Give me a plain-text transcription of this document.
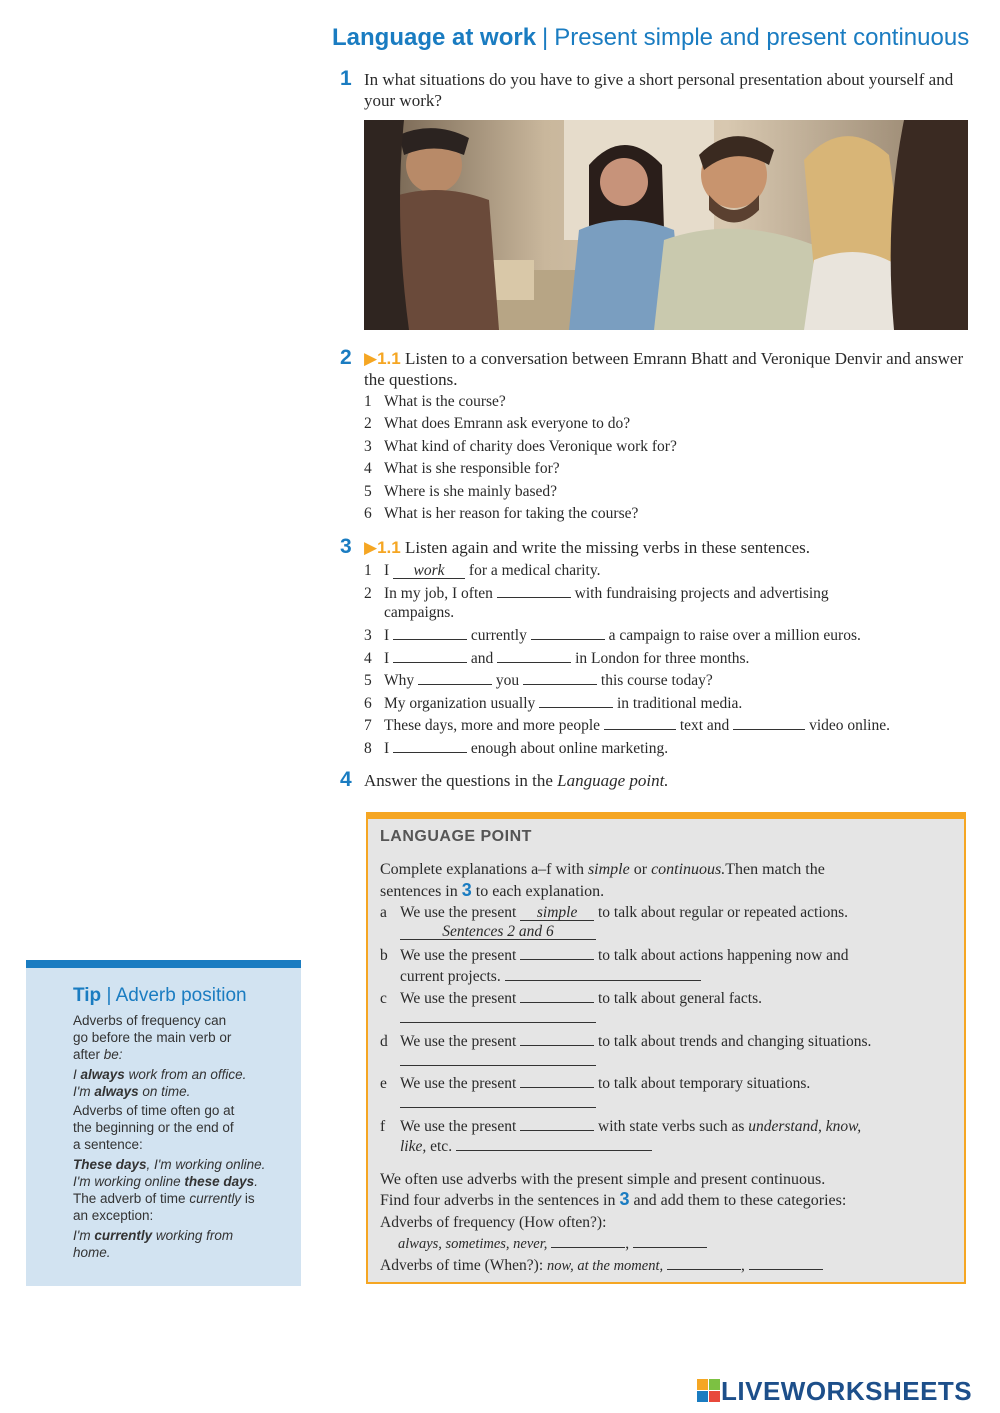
Language at work | Present simple and present continuous
1 In what situations do you have to give a short personal presentation about yourself and your work?
2 ▶1.1 Listen to a conversation between Emrann Bhatt and Veronique Denvir and answer the questions.
1 What is the course?
2 What does Emrann ask everyone to do?
3 What kind of charity does Veronique work for?
4 What is she responsible for?
5 Where is she mainly based?
6 What is her reason for taking the course?
3 ▶1.1 Listen again and write the missing verbs in these sentences.
1 I work for a medical charity.
2 In my job, I often	with fundraising projects and advertising
campaigns.
3 I	currently	a campaign to raise over a million euros.
4 I	and	in London for three months.
5 Why	you	this course today?
6 My organization usually	in traditional media.
7 These days, more and more people	text and	video online.
8 I	enough about online marketing.
4 Answer the questions in the Language point.
LANGUAGE POINT
Complete explanations a–f with simple or continuous.Then match the
sentences in 3 to each explanation.
a We use the present simple to talk about regular or repeated actions.
Sentences 2 and 6
b We use the present	to talk about actions happening now and
current projects.
c We use the present	to talk about general facts.
d We use the present	to talk about trends and changing situations.
e We use the present	to talk about temporary situations.
f We use the present	with state verbs such as understand, know,
like, etc.
We often use adverbs with the present simple and present continuous.
Find four adverbs in the sentences in 3 and add them to these categories:
Adverbs of frequency (How often?):
always, sometimes, never,	,
Adverbs of time (When?): now, at the moment,	,
Tip | Adverb position
Adverbs of frequency can
go before the main verb or
after be:
I always work from an office.
I'm always on time.
Adverbs of time often go at
the beginning or the end of
a sentence:
These days, I'm working online.
I'm working online these days.
The adverb of time currently is
an exception:
I'm currently working from
home.
LIVEWORKSHEETS
